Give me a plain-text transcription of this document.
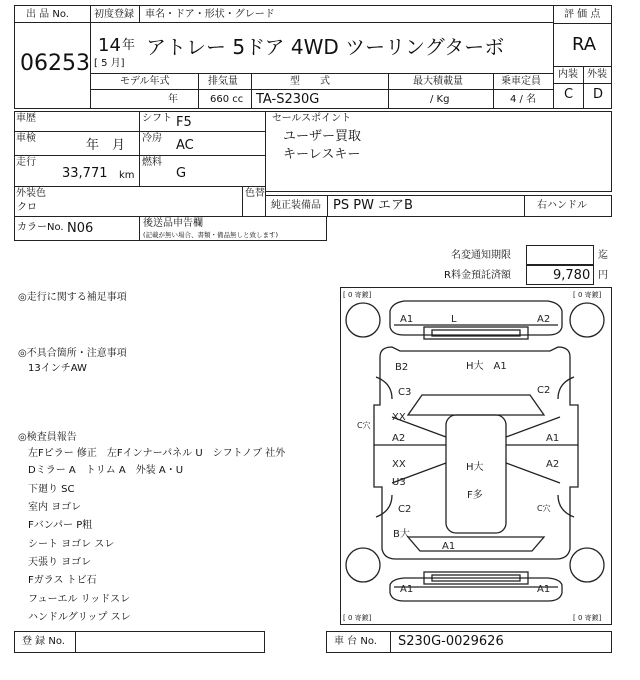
出 品 No.
06253
初度登録 車名・ドア・形状・グレード
14 年
[ 5 月]
アトレー 5ドア 4WD ツーリングターボ
評 価 点
RA
内装 外装
C D
モデル年式	排気量	型　　式	最大積載量	乗車定員
年	660 cc TA-S230G	/ Kg	4 / 名
車歴	シフト F5
車検	年　月 冷房 AC
走行
33,771 km
燃料
G
セールスポイント
ユーザー買取
キーレスキー
外装色
クロ
色替
純正装備品 PS PW エアB	右ハンドル
カラーNo. N06	後送品申告欄
(記載が無い場合、書類・備品無しと致します)
名変通知期限	迄
R料金預託済額	9,780 円
◎走行に関する補足事項
◎不具合箇所・注意事項
13インチAW
◎検査員報告
左Fピラー 修正　左Fインナーパネル U　シフトノブ 社外
Dミラー A　トリム A　外装 A・U
下廻り SC
室内 ヨゴレ
Fバンパー P粗
シート ヨゴレ スレ
天張り ヨゴレ
Fガラス トビ石
フューエル リッドスレ
ハンドルグリップ スレ
[ 0 寄鍍]	[ 0 寄鍍]
[ 0 寄鍍]	[ 0 寄鍍]
A1	L	A2
H大　A1
B2
C3	C2
C穴
XX
A2	A1
XX
U3
A2
H大
F多
C2
B大
C穴
A1
A1	A1
登 録 No.	車 台 No. S230G-0029626
